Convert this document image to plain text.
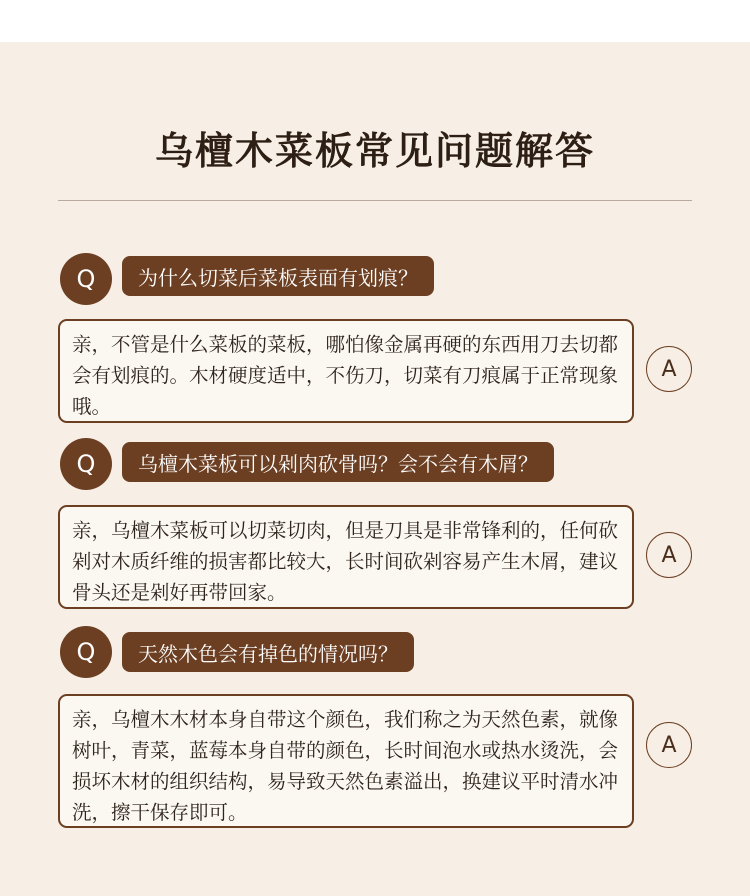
乌檀木菜板常见问题解答
Q	为什么切菜后菜板表面有划痕？
亲，不管是什么菜板的菜板，哪怕像金属再硬的东西用刀去切都会有划痕的。木材硬度适中，不伤刀，切菜有刀痕属于正常现象哦。
A
Q	乌檀木菜板可以剁肉砍骨吗？会不会有木屑？
亲，乌檀木菜板可以切菜切肉，但是刀具是非常锋利的，任何砍剁对木质纤维的损害都比较大，长时间砍剁容易产生木屑，建议骨头还是剁好再带回家。
A
Q	天然木色会有掉色的情况吗？
亲，乌檀木木材本身自带这个颜色，我们称之为天然色素，就像树叶，青菜，蓝莓本身自带的颜色，长时间泡水或热水烫洗，会损坏木材的组织结构，易导致天然色素溢出，换建议平时清水冲洗，擦干保存即可。
A
